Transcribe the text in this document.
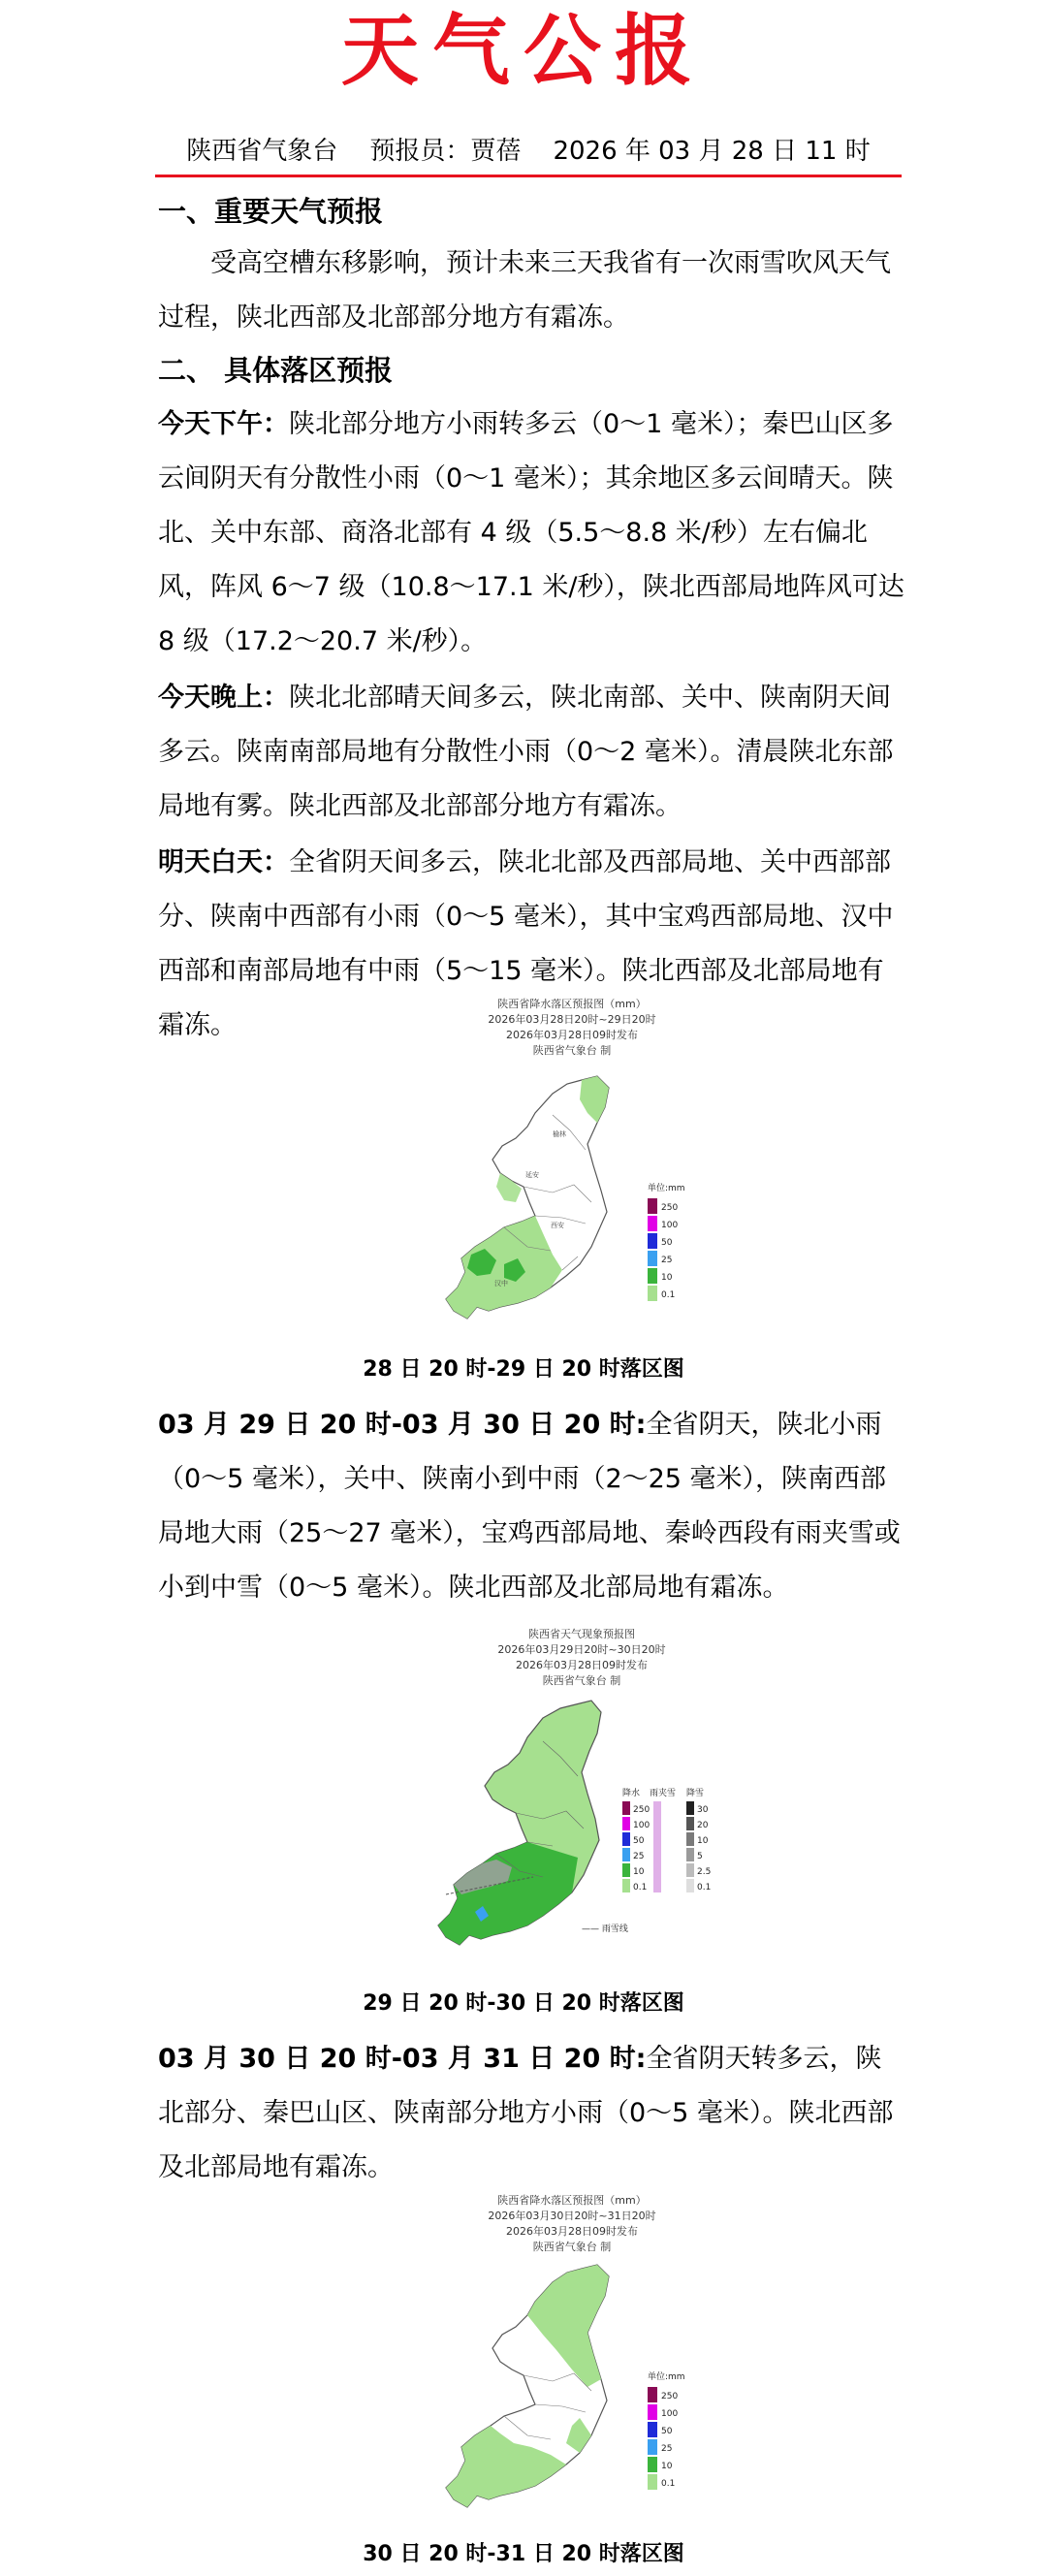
天气公报
陕西省气象台 预报员：贾蓓 2026 年 03 月 28 日 11 时
一、重要天气预报
受高空槽东移影响，预计未来三天我省有一次雨雪吹风天气过程，陕北西部及北部部分地方有霜冻。
二、 具体落区预报
今天下午：陕北部分地方小雨转多云（0～1 毫米）；秦巴山区多云间阴天有分散性小雨（0～1 毫米）；其余地区多云间晴天。陕北、关中东部、商洛北部有 4 级（5.5～8.8 米/秒）左右偏北风，阵风 6～7 级（10.8～17.1 米/秒），陕北西部局地阵风可达 8 级（17.2～20.7 米/秒）。
今天晚上：陕北北部晴天间多云，陕北南部、关中、陕南阴天间多云。陕南南部局地有分散性小雨（0～2 毫米）。清晨陕北东部局地有雾。陕北西部及北部部分地方有霜冻。
明天白天：全省阴天间多云，陕北北部及西部局地、关中西部部分、陕南中西部有小雨（0～5 毫米），其中宝鸡西部局地、汉中西部和南部局地有中雨（5～15 毫米）。陕北西部及北部局地有霜冻。
陕西省降水落区预报图（mm）
2026年03月28日20时~29日20时
2026年03月28日09时发布
陕西省气象台 制
榆林
延安
西安
汉中
单位:mm
250
100
50
25
10
0.1
28 日 20 时-29 日 20 时落区图
03 月 29 日 20 时-03 月 30 日 20 时:全省阴天，陕北小雨（0～5 毫米），关中、陕南小到中雨（2～25 毫米），陕南西部局地大雨（25～27 毫米），宝鸡西部局地、秦岭西段有雨夹雪或小到中雪（0～5 毫米）。陕北西部及北部局地有霜冻。
陕西省天气现象预报图
2026年03月29日20时~30日20时
2026年03月28日09时发布
陕西省气象台 制
降水 雨夹雪 降雪
250
100
50
25
10
0.1
30
20
10
5
2.5
0.1
—— 雨雪线
29 日 20 时-30 日 20 时落区图
03 月 30 日 20 时-03 月 31 日 20 时:全省阴天转多云，陕北部分、秦巴山区、陕南部分地方小雨（0～5 毫米）。陕北西部及北部局地有霜冻。
陕西省降水落区预报图（mm）
2026年03月30日20时~31日20时
2026年03月28日09时发布
陕西省气象台 制
单位:mm
250
100
50
25
10
0.1
30 日 20 时-31 日 20 时落区图
